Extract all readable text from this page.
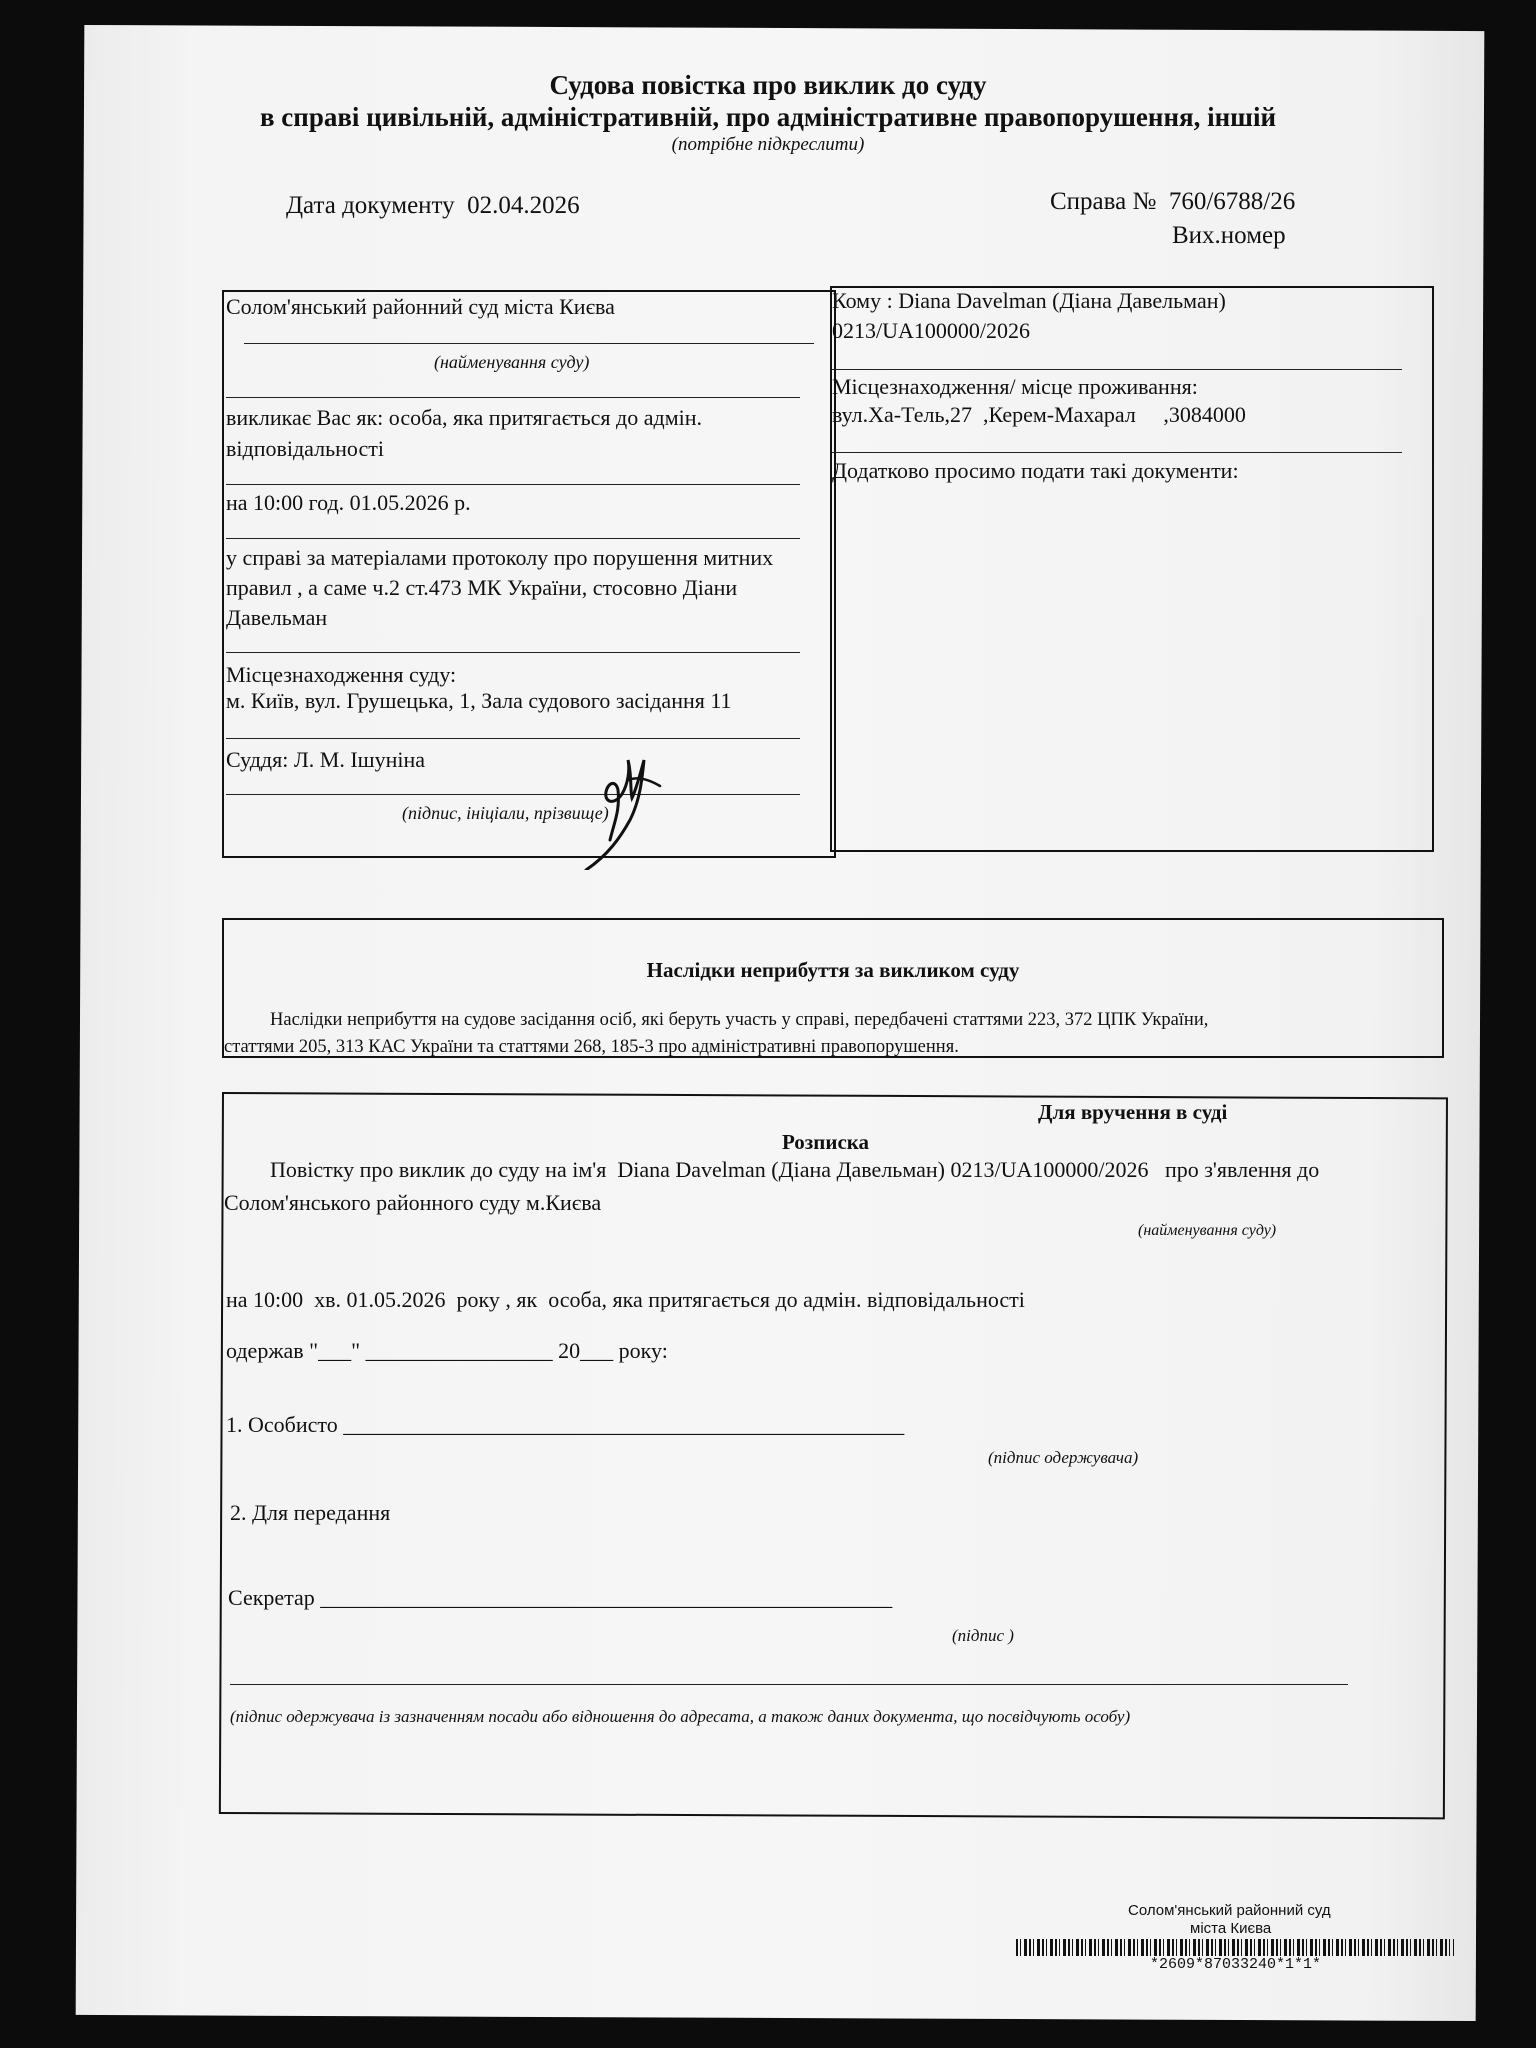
Судова повістка про виклик до суду
в справі цивільній, адміністративній, про адміністративне правопорушення, іншій
(потрібне підкреслити)
Дата документу 02.04.2026	Справа № 760/6788/26
Вих.номер
Солом'янський районний суд міста Києва
(найменування суду)
викликає Вас як: особа, яка притягається до адмін.
відповідальності
на 10:00 год. 01.05.2026 р.
у справі за матеріалами протоколу про порушення митних
правил , а саме ч.2 ст.473 МК України, стосовно Діани
Давельман
Місцезнаходження суду:
м. Київ, вул. Грушецька, 1, Зала судового засідання 11
Суддя: Л. М. Ішуніна
(підпис, ініціали, прізвище)
Кому : Diana Davelman (Діана Давельман)
0213/UA100000/2026
Місцезнаходження/ місце проживання:
вул.Ха-Тель,27  ,Керем-Махарал     ,3084000
Додатково просимо подати такі документи:
Наслідки неприбуття за викликом суду
Наслідки неприбуття на судове засідання осіб, які беруть участь у справі, передбачені статтями 223, 372 ЦПК України,
статтями 205, 313 КАС України та статтями 268, 185-3 про адміністративні правопорушення.
Для вручення в суді
Розписка
Повістку про виклик до суду на ім'я  Diana Davelman (Діана Давельман) 0213/UA100000/2026   про з'явлення до
Солом'янського районного суду м.Києва
(найменування суду)
на 10:00  хв. 01.05.2026  року , як  особа, яка притягається до адмін. відповідальності
одержав "___" _________________ 20___ року:
1. Особисто ___________________________________________________
(підпис одержувача)
2. Для передання
Секретар ____________________________________________________
(підпис )
(підпис одержувача із зазначенням посади або відношення до адресата, а також даних документа, що посвідчують особу)
Солом'янський районний суд
міста Києва
*2609*87033240*1*1*
